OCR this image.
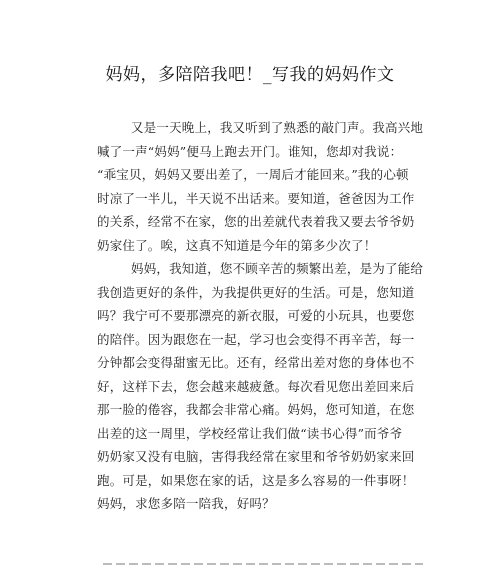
妈妈，多陪陪我吧！_写我的妈妈作文
又是一天晚上，我又听到了熟悉的敲门声。我高兴地
喊了一声“妈妈”便马上跑去开门。谁知，您却对我说：
“乖宝贝，妈妈又要出差了，一周后才能回来。”我的心顿
时凉了一半儿，半天说不出话来。要知道，爸爸因为工作
的关系，经常不在家，您的出差就代表着我又要去爷爷奶
奶家住了。唉，这真不知道是今年的第多少次了！
妈妈，我知道，您不顾辛苦的频繁出差，是为了能给
我创造更好的条件，为我提供更好的生活。可是，您知道
吗？我宁可不要那漂亮的新衣服，可爱的小玩具，也要您
的陪伴。因为跟您在一起，学习也会变得不再辛苦，每一
分钟都会变得甜蜜无比。还有，经常出差对您的身体也不
好，这样下去，您会越来越疲惫。每次看见您出差回来后
那一脸的倦容，我都会非常心痛。妈妈，您可知道，在您
出差的这一周里，学校经常让我们做“读书心得”而爷爷
奶奶家又没有电脑，害得我经常在家里和爷爷奶奶家来回
跑。可是，如果您在家的话，这是多么容易的一件事呀！
妈妈，求您多陪一陪我，好吗？
